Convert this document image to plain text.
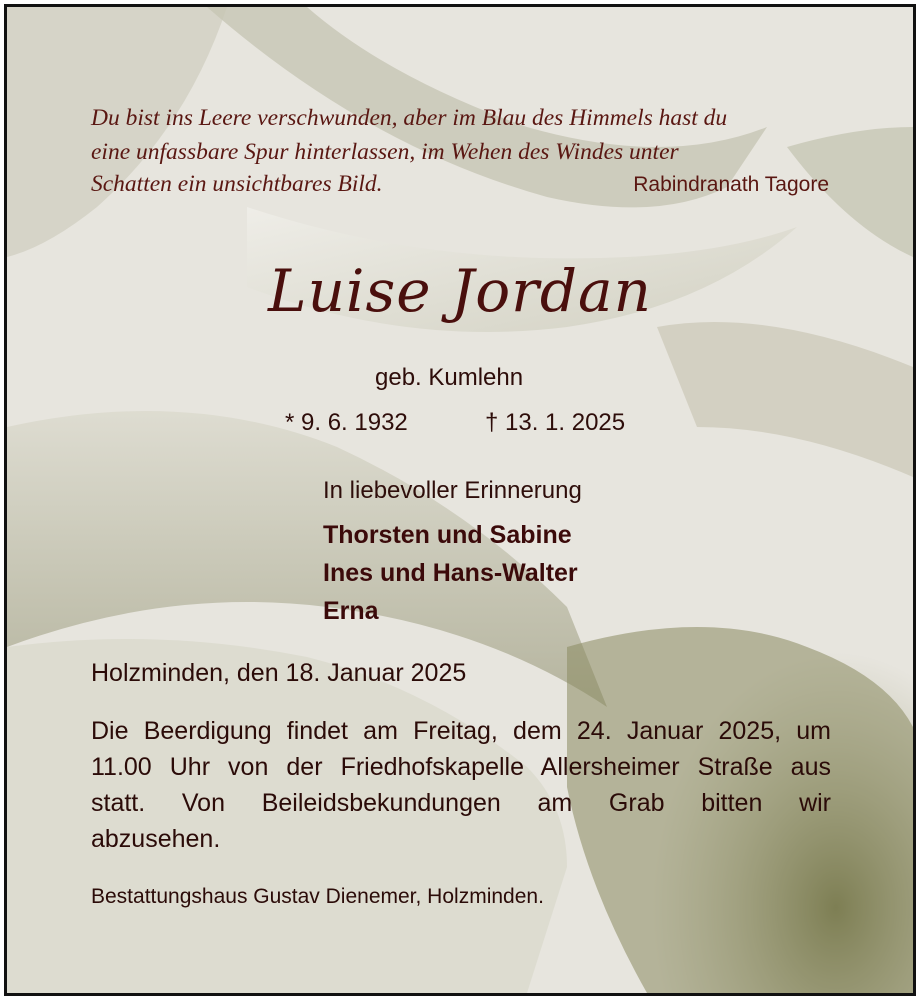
Du bist ins Leere verschwunden, aber im Blau des Himmels hast du
eine unfassbare Spur hinterlassen, im Wehen des Windes unter
Schatten ein unsichtbares Bild.	Rabindranath Tagore
Luise Jordan
geb. Kumlehn
* 9. 6. 1932	† 13. 1. 2025
In liebevoller Erinnerung
Thorsten und Sabine
Ines und Hans-Walter
Erna
Holzminden, den 18. Januar 2025
Die Beerdigung findet am Freitag, dem 24. Januar 2025, um
11.00 Uhr von der Friedhofskapelle Allersheimer Straße aus
statt. Von Beileidsbekundungen am Grab bitten wir
abzusehen.
Bestattungshaus Gustav Dienemer, Holzminden.
